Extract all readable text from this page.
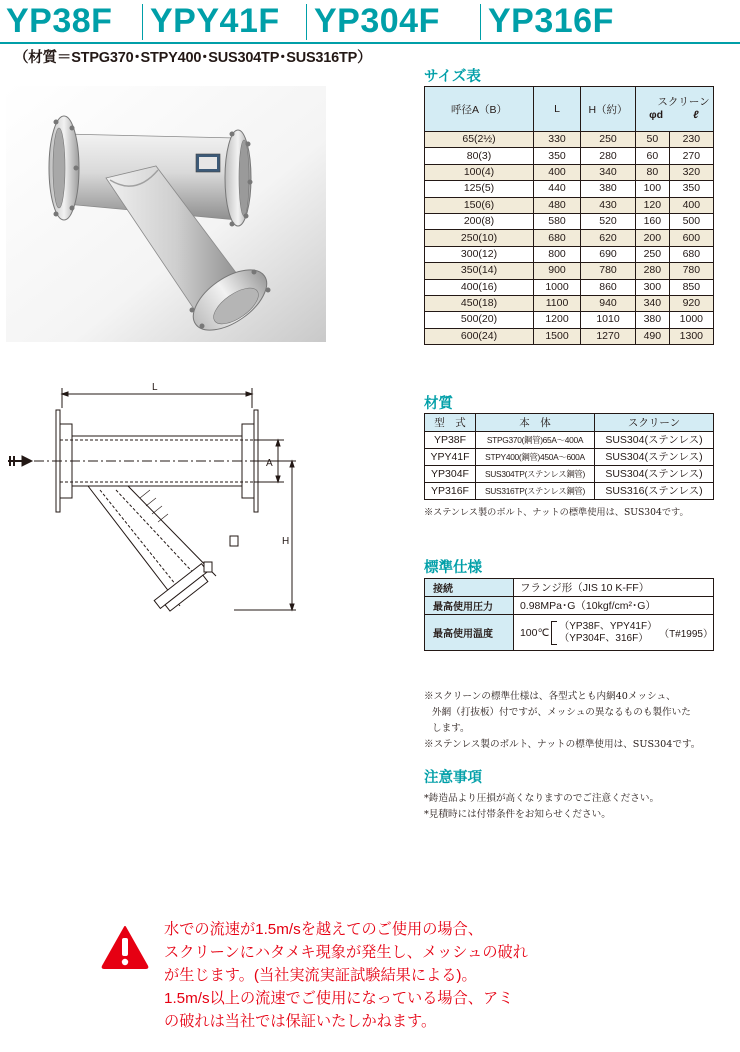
YP38F YPY41F YP304F YP316F
（材質＝STPG370･STPY400･SUS304TP･SUS316TP）
サイズ表
呼径A（B）	L	H（約）	スクリーン
φd ℓ	

65(2½)	330	250	50	230
80(3)	350	280	60	270
100(4)	400	340	80	320
125(5)	440	380	100	350
150(6)	480	430	120	400
200(8)	580	520	160	500
250(10)	680	620	200	600
300(12)	800	690	250	680
350(14)	900	780	280	780
400(16)	1000	860	300	850
450(18)	1100	940	340	920
500(20)	1200	1010	380	1000
600(24)	1500	1270	490	1300
L
A
H
材質
型　式	本　体	スクリーン
YP38F	STPG370(鋼管)65A～400A	SUS304(ステンレス)
YPY41F	STPY400(鋼管)450A～600A	SUS304(ステンレス)
YP304F	SUS304TP(ステンレス鋼管)	SUS304(ステンレス)
YP316F	SUS316TP(ステンレス鋼管)	SUS316(ステンレス)
※ステンレス製のボルト、ナットの標準使用は、SUS304です。
標準仕様
接続	フランジ形（JIS 10 K-FF）
最高使用圧力	0.98MPa･G（10kgf/cm²･G）
最高使用温度	100℃
（YP38F、YPY41F）
（YP304F、316F） （T#1995）
※スクリーンの標準仕様は、各型式とも内網40メッシュ、
外網（打抜板）付ですが、メッシュの異なるものも製作いた
します。
※ステンレス製のボルト、ナットの標準使用は、SUS304です。
注意事項
*鋳造品より圧損が高くなりますのでご注意ください。
*見積時には付帯条件をお知らせください。
水での流速が1.5m/sを越えてのご使用の場合、
スクリーンにハタメキ現象が発生し、メッシュの破れ
が生じます。(当社実流実証試験結果による)。
1.5m/s以上の流速でご使用になっている場合、アミ
の破れは当社では保証いたしかねます。
